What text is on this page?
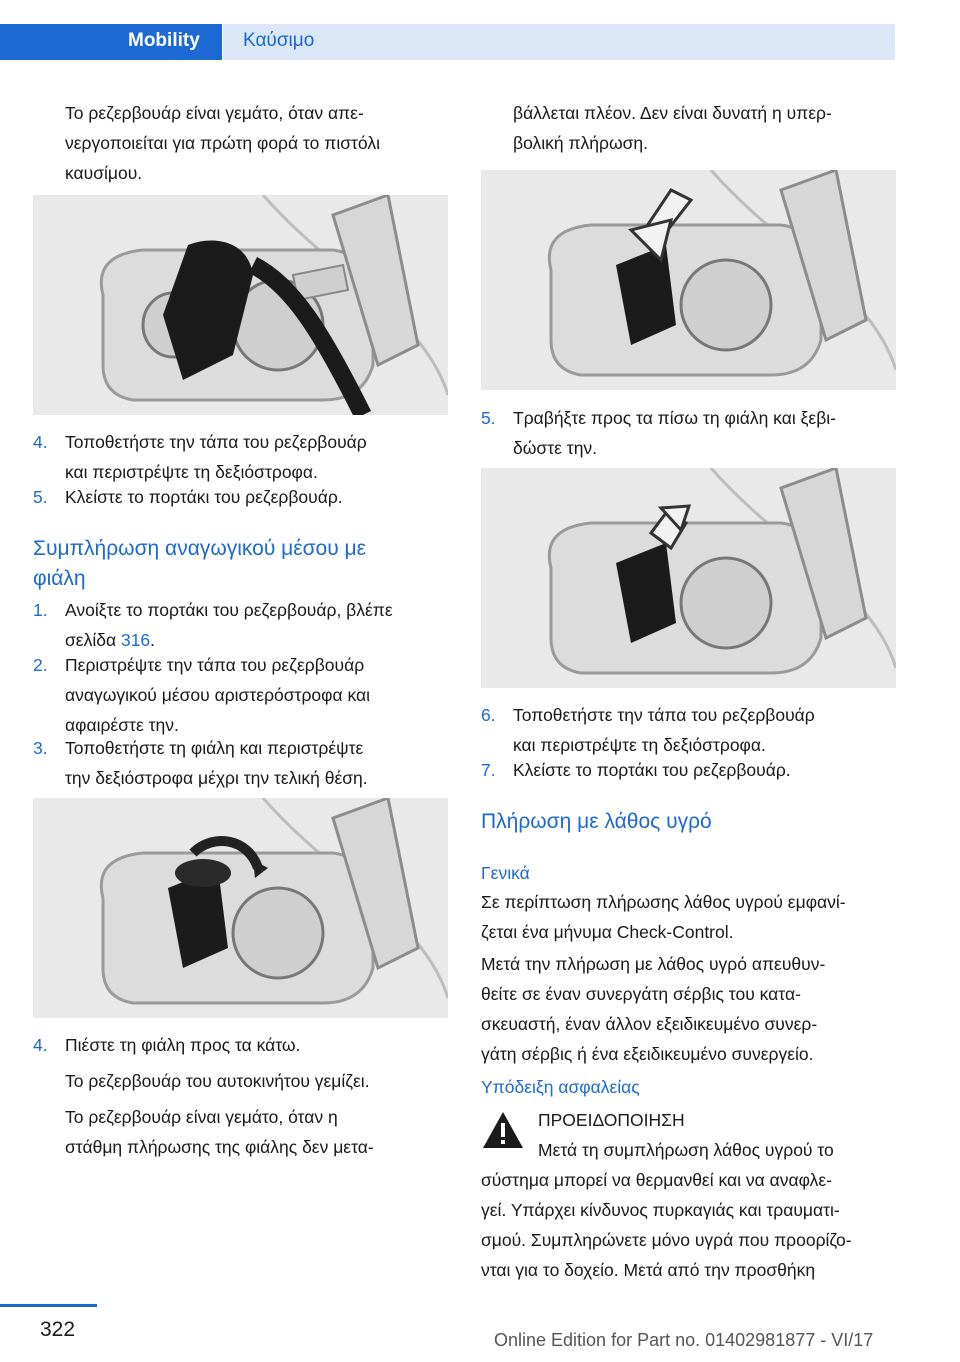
Mobility Καύσιμο
Το ρεζερβουάρ είναι γεμάτο, όταν απε-
νεργοποιείται για πρώτη φορά το πιστόλι
καυσίμου.
4. Τοποθετήστε την τάπα του ρεζερβουάρ
και περιστρέψτε τη δεξιόστροφα.
5. Κλείστε το πορτάκι του ρεζερβουάρ.
Συμπλήρωση αναγωγικού μέσου με
φιάλη
1. Ανοίξτε το πορτάκι του ρεζερβουάρ, βλέπε
σελίδα 316.
2. Περιστρέψτε την τάπα του ρεζερβουάρ
αναγωγικού μέσου αριστερόστροφα και
αφαιρέστε την.
3. Τοποθετήστε τη φιάλη και περιστρέψτε
την δεξιόστροφα μέχρι την τελική θέση.
4. Πιέστε τη φιάλη προς τα κάτω.
Το ρεζερβουάρ του αυτοκινήτου γεμίζει.
Το ρεζερβουάρ είναι γεμάτο, όταν η
στάθμη πλήρωσης της φιάλης δεν μετα-
βάλλεται πλέον. Δεν είναι δυνατή η υπερ-
βολική πλήρωση.
5. Τραβήξτε προς τα πίσω τη φιάλη και ξεβι-
δώστε την.
6. Τοποθετήστε την τάπα του ρεζερβουάρ
και περιστρέψτε τη δεξιόστροφα.
7. Κλείστε το πορτάκι του ρεζερβουάρ.
Πλήρωση με λάθος υγρό
Γενικά
Σε περίπτωση πλήρωσης λάθος υγρού εμφανί-
ζεται ένα μήνυμα Check-Control.
Μετά την πλήρωση με λάθος υγρό απευθυν-
θείτε σε έναν συνεργάτη σέρβις του κατα-
σκευαστή, έναν άλλον εξειδικευμένο συνερ-
γάτη σέρβις ή ένα εξειδικευμένο συνεργείο.
Υπόδειξη ασφαλείας
ΠΡΟΕΙΔΟΠΟΙΗΣΗ
Μετά τη συμπλήρωση λάθος υγρού το
σύστημα μπορεί να θερμανθεί και να αναφλε-
γεί. Υπάρχει κίνδυνος πυρκαγιάς και τραυματι-
σμού. Συμπληρώνετε μόνο υγρά που προορίζο-
νται για το δοχείο. Μετά από την προσθήκη
322	Online Edition for Part no. 01402981877 - VI/17
